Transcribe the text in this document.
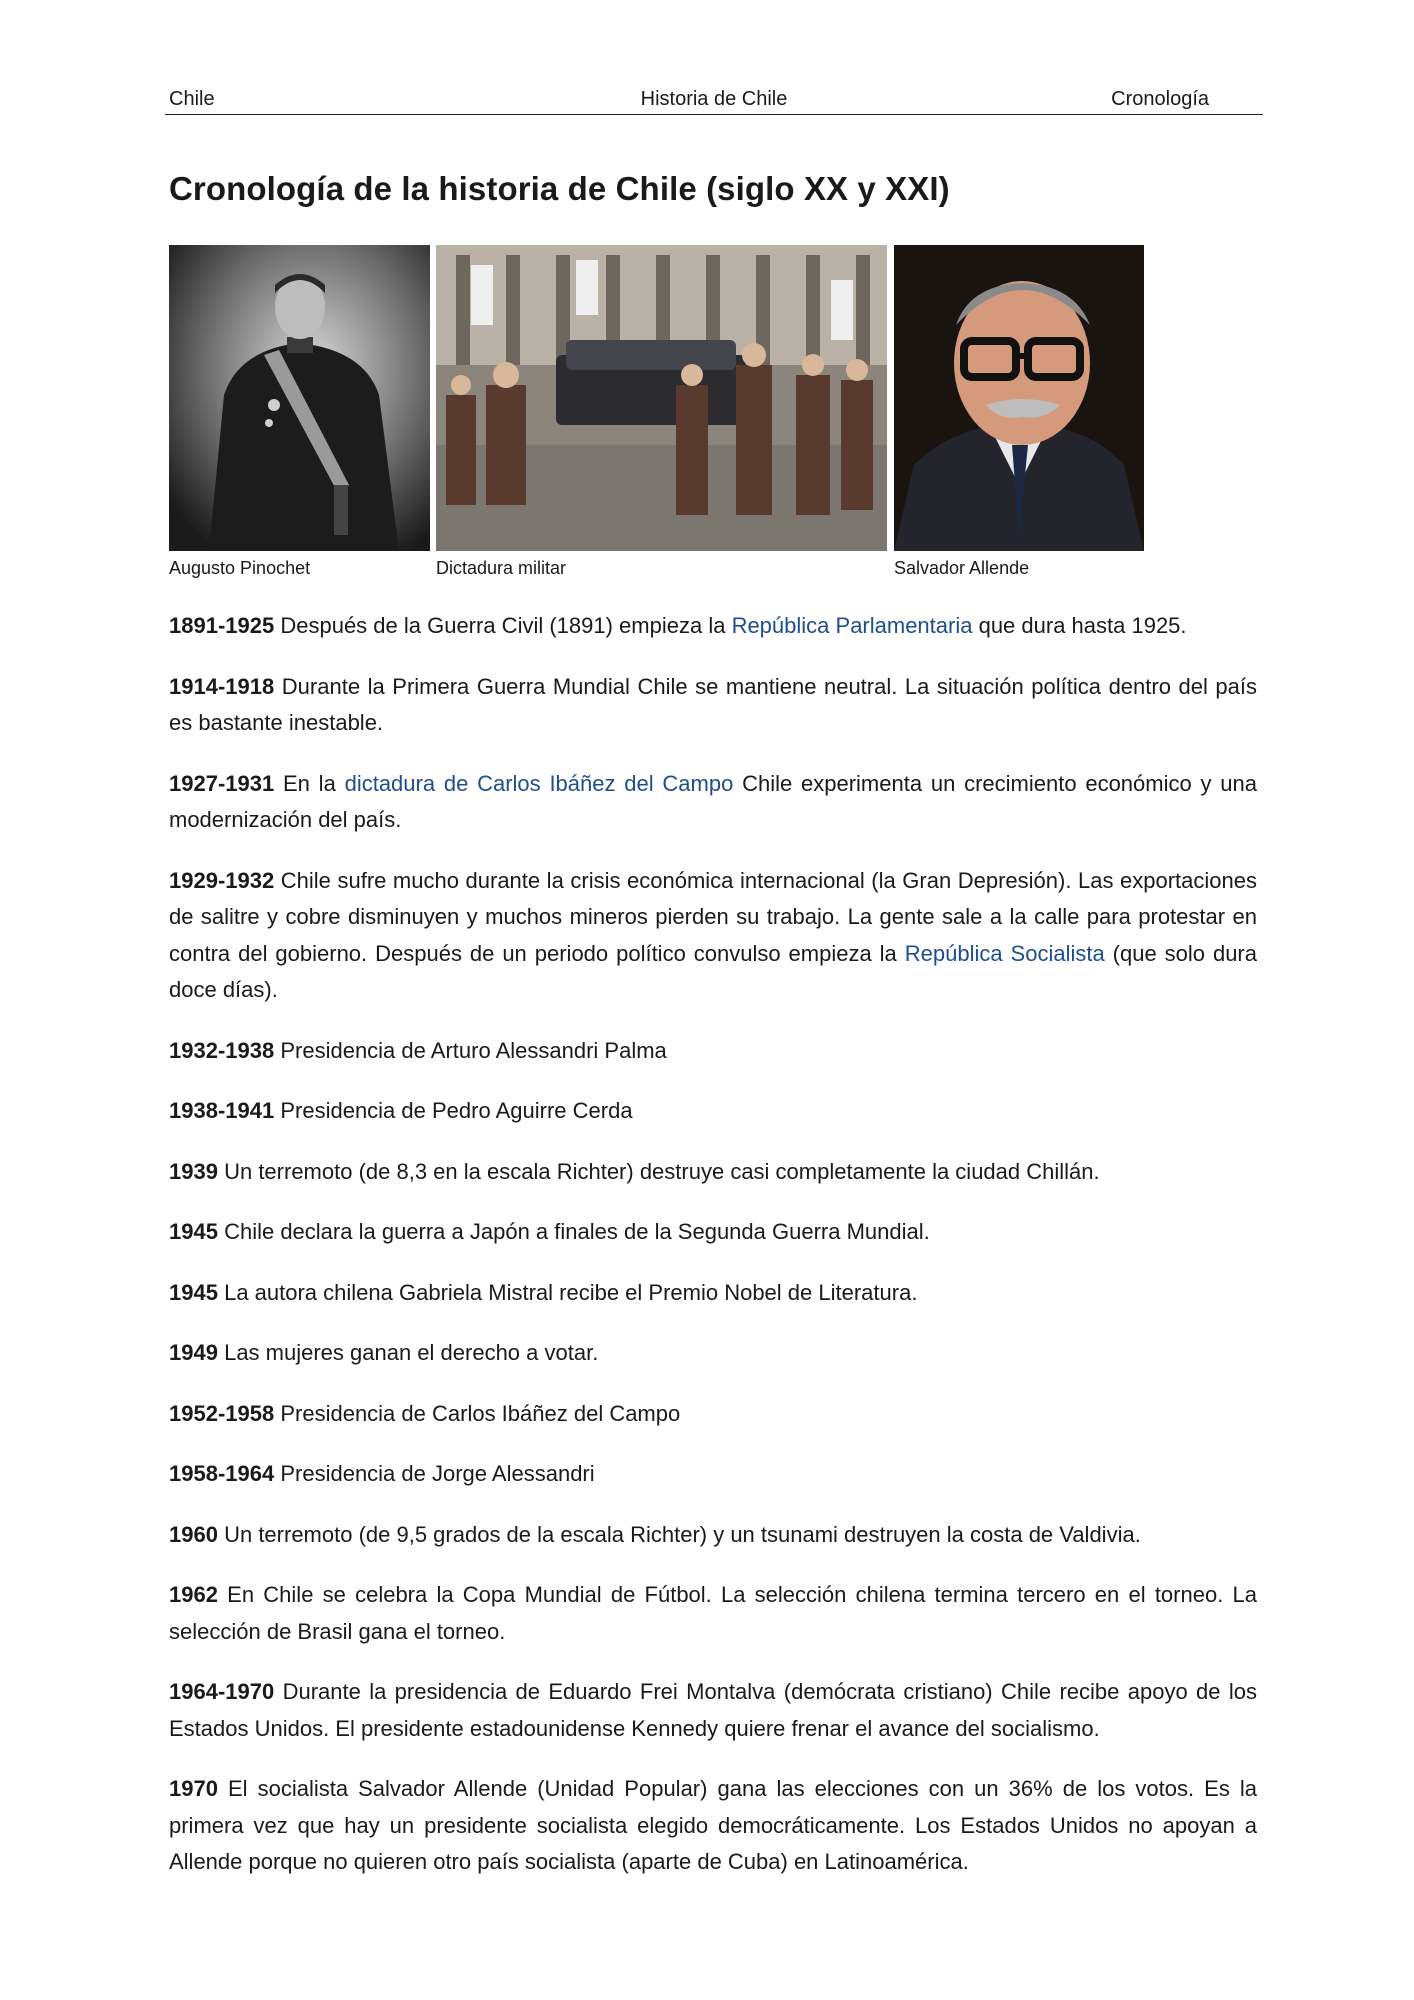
Chile	Historia de Chile	Cronología
Cronología de la historia de Chile (siglo XX y XXI)
Augusto Pinochet	Dictadura militar	Salvador Allende

1891-1925 Después de la Guerra Civil (1891) empieza la República Parlamentaria que dura hasta 1925.

1914-1918 Durante la Primera Guerra Mundial Chile se mantiene neutral. La situación política dentro del país es bastante inestable.

1927-1931 En la dictadura de Carlos Ibáñez del Campo Chile experimenta un crecimiento económico y una modernización del país.

1929-1932 Chile sufre mucho durante la crisis económica internacional (la Gran Depresión). Las exportaciones de salitre y cobre disminuyen y muchos mineros pierden su trabajo. La gente sale a la calle para protestar en contra del gobierno. Después de un periodo político convulso empieza la República Socialista (que solo dura doce días).

1932-1938 Presidencia de Arturo Alessandri Palma

1938-1941 Presidencia de Pedro Aguirre Cerda

1939 Un terremoto (de 8,3 en la escala Richter) destruye casi completamente la ciudad Chillán.

1945 Chile declara la guerra a Japón a finales de la Segunda Guerra Mundial.

1945 La autora chilena Gabriela Mistral recibe el Premio Nobel de Literatura.

1949 Las mujeres ganan el derecho a votar.

1952-1958 Presidencia de Carlos Ibáñez del Campo

1958-1964 Presidencia de Jorge Alessandri

1960 Un terremoto (de 9,5 grados de la escala Richter) y un tsunami destruyen la costa de Valdivia.

1962 En Chile se celebra la Copa Mundial de Fútbol. La selección chilena termina tercero en el torneo. La selección de Brasil gana el torneo.

1964-1970 Durante la presidencia de Eduardo Frei Montalva (demócrata cristiano) Chile recibe apoyo de los Estados Unidos. El presidente estadounidense Kennedy quiere frenar el avance del socialismo.

1970 El socialista Salvador Allende (Unidad Popular) gana las elecciones con un 36% de los votos. Es la primera vez que hay un presidente socialista elegido democráticamente. Los Estados Unidos no apoyan a Allende porque no quieren otro país socialista (aparte de Cuba) en Latinoamérica.
